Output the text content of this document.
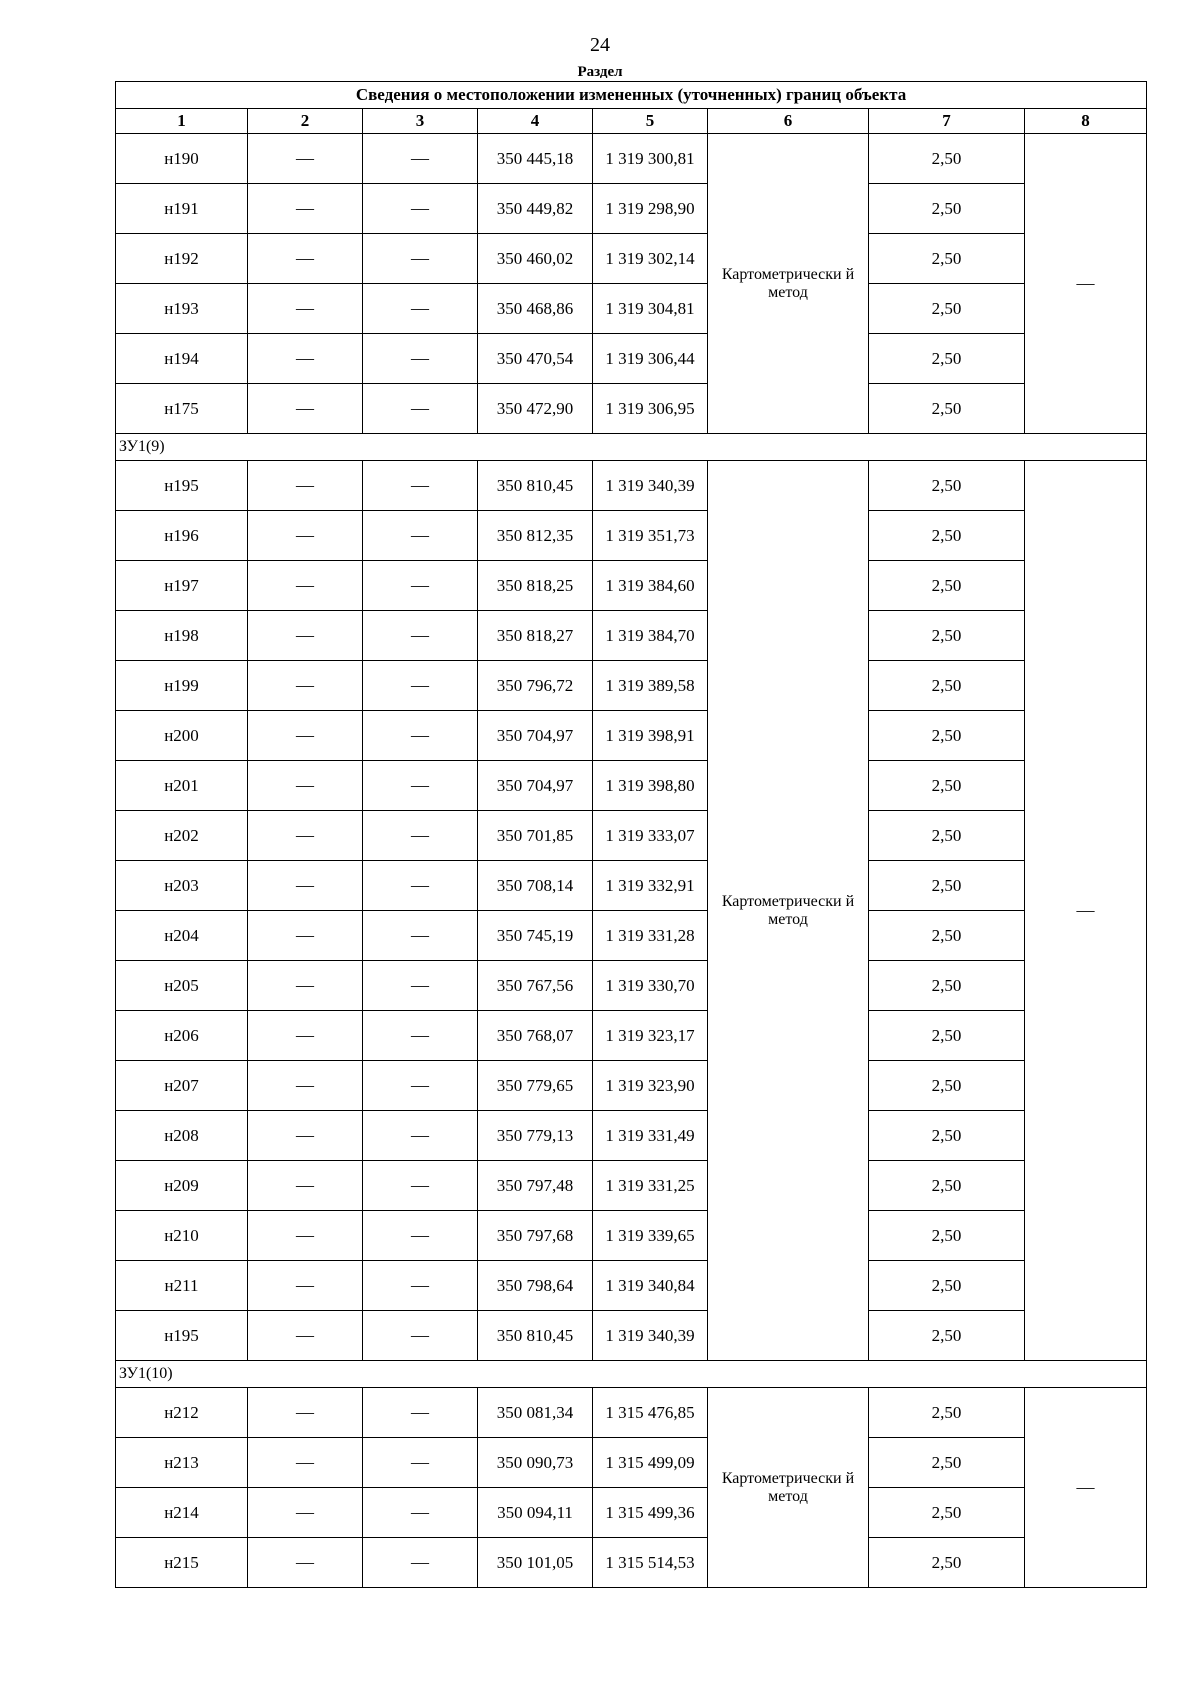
24
Раздел
Сведения о местоположении измененных (уточненных) границ объекта							
1	2	3	4	5	6	7	8
н190	—	—	350 445,18	1 319 300,81	Картометрически й метод	2,50	—
н191	—	—	350 449,82	1 319 298,90		2,50	
н192	—	—	350 460,02	1 319 302,14		2,50	
н193	—	—	350 468,86	1 319 304,81		2,50	
н194	—	—	350 470,54	1 319 306,44		2,50	
н175	—	—	350 472,90	1 319 306,95		2,50	
ЗУ1(9)							
н195	—	—	350 810,45	1 319 340,39	Картометрически й метод	2,50	—
н196	—	—	350 812,35	1 319 351,73		2,50	
н197	—	—	350 818,25	1 319 384,60		2,50	
н198	—	—	350 818,27	1 319 384,70		2,50	
н199	—	—	350 796,72	1 319 389,58		2,50	
н200	—	—	350 704,97	1 319 398,91		2,50	
н201	—	—	350 704,97	1 319 398,80		2,50	
н202	—	—	350 701,85	1 319 333,07		2,50	
н203	—	—	350 708,14	1 319 332,91		2,50	
н204	—	—	350 745,19	1 319 331,28		2,50	
н205	—	—	350 767,56	1 319 330,70		2,50	
н206	—	—	350 768,07	1 319 323,17		2,50	
н207	—	—	350 779,65	1 319 323,90		2,50	
н208	—	—	350 779,13	1 319 331,49		2,50	
н209	—	—	350 797,48	1 319 331,25		2,50	
н210	—	—	350 797,68	1 319 339,65		2,50	
н211	—	—	350 798,64	1 319 340,84		2,50	
н195	—	—	350 810,45	1 319 340,39		2,50	
ЗУ1(10)							
н212	—	—	350 081,34	1 315 476,85	Картометрически й метод	2,50	—
н213	—	—	350 090,73	1 315 499,09		2,50	
н214	—	—	350 094,11	1 315 499,36		2,50	
н215	—	—	350 101,05	1 315 514,53		2,50	
